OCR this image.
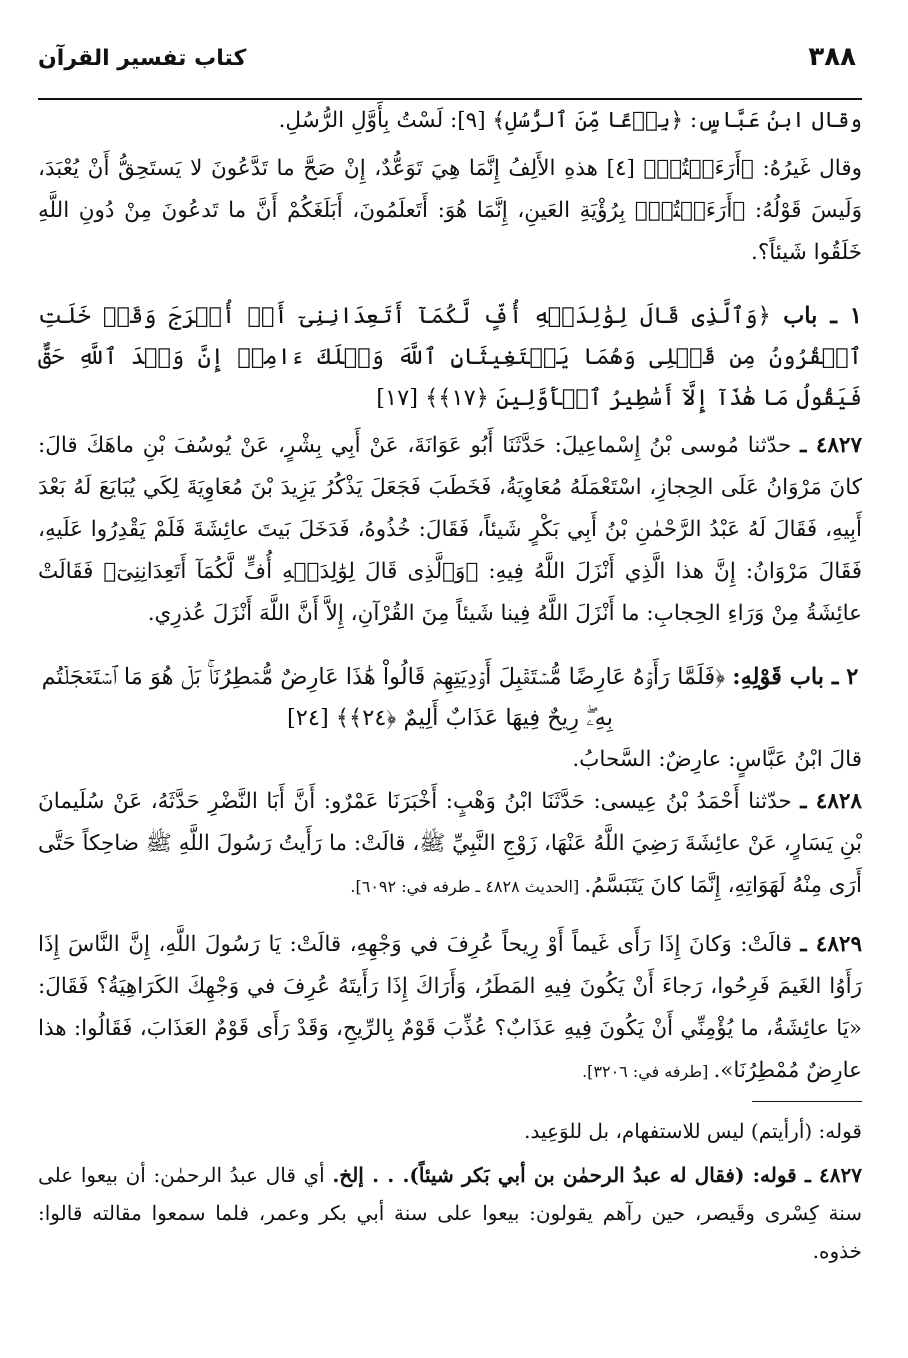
٣٨٨
كتاب تفسير القرآن

وقال ابنُ عَبَّاسٍ: ﴿بِدۡعًا مِّنَ ٱلرُّسُلِ﴾ [٩]: لَسْتُ بِأَوَّلِ الرُّسُلِ.

وقال غَيرُهُ: ﴿أَرَءَيۡتُمۡ﴾ [٤] هذهِ الأَلِفُ إِنَّمَا هِيَ تَوَعُّدٌ، إِنْ صَحَّ ما تَدَّعُونَ لا يَستَحِقُّ أَنْ يُعْبَدَ، وَلَيسَ قَوْلُهُ: ﴿أَرَءَيۡتُمۡ﴾ بِرُؤْيَةِ العَينِ، إِنَّمَا هُوَ: أَتَعلَمُونَ، أَبَلَغَكُمْ أَنَّ ما تَدعُونَ مِنْ دُونِ اللَّهِ خَلَقُوا شَيئاً؟.

١ ـ باب ﴿وَٱلَّذِى قَالَ لِوَٰلِدَيۡهِ أُفٍّ لَّكُمَآ أَتَعِدَانِنِىٓ أَنۡ أُخۡرَجَ وَقَدۡ خَلَتِ ٱلۡقُرُونُ مِن قَبۡلِى وَهُمَا يَسۡتَغِيثَانِ ٱللَّهَ وَيۡلَكَ ءَامِنۡ إِنَّ وَعۡدَ ٱللَّهِ حَقٌّ فَيَقُولُ مَا هَٰذَآ إِلَّآ أَسَٰطِيرُ ٱلۡأَوَّلِينَ ﴿١٧﴾﴾ [١٧]

٤٨٢٧ ـ حدّثنا مُوسى بْنُ إِسْماعِيلَ: حَدَّثَنَا أَبُو عَوَانَةَ، عَنْ أَبِي بِشْرٍ، عَنْ يُوسُفَ بْنِ ماهَكَ قالَ: كانَ مَرْوَانُ عَلَى الحِجازِ، اسْتَعْمَلَهُ مُعَاوِيَةُ، فَخَطَبَ فَجَعَلَ يَذْكُرُ يَزِيدَ بْنَ مُعَاوِيَةَ لِكَي يُبَايَعَ لَهُ بَعْدَ أَبِيهِ، فَقَالَ لَهُ عَبْدُ الرَّحْمٰنِ بْنُ أَبِي بَكْرٍ شَيئاً، فَقَالَ: خُذُوهُ، فَدَخَلَ بَيتَ عائِشَةَ فَلَمْ يَقْدِرُوا عَلَيهِ، فَقَالَ مَرْوَانُ: إِنَّ هذا الَّذِي أَنْزَلَ اللَّهُ فِيهِ: ﴿وَٱلَّذِى قَالَ لِوَٰلِدَيۡهِ أُفٍّ لَّكُمَآ أَتَعِدَانِنِىٓ﴾ فَقَالَتْ عائِشَةُ مِنْ وَرَاءِ الحِجابِ: ما أَنْزَلَ اللَّهُ فِينا شَيئاً مِنَ القُرْآنِ، إِلاَّ أَنَّ اللَّهَ أَنْزَلَ عُذرِي.

٢ ـ باب قَوْلِهِ: ﴿فَلَمَّا رَأَوۡهُ عَارِضًا مُّسۡتَقۡبِلَ أَوۡدِيَتِهِمۡ قَالُواْ هَٰذَا عَارِضٌ مُّمۡطِرُنَاۚ بَلۡ هُوَ مَا ٱسۡتَعۡجَلۡتُم بِهِۦۖ رِيحٌ فِيهَا عَذَابٌ أَلِيمٌ ﴿٢٤﴾﴾ [٢٤]

قالَ ابْنُ عَبَّاسٍ: عارِضٌ: السَّحابُ.

٤٨٢٨ ـ حدّثنا أَحْمَدُ بْنُ عِيسى: حَدَّثَنَا ابْنُ وَهْبٍ: أَخْبَرَنَا عَمْرٌو: أَنَّ أَبَا النَّضْرِ حَدَّثَهُ، عَنْ سُلَيمانَ بْنِ يَسَارٍ، عَنْ عائِشَةَ رَضِيَ اللَّهُ عَنْهَا، زَوْجِ النَّبِيِّ ﷺ، قالَتْ: ما رَأَيتُ رَسُولَ اللَّهِ ﷺ ضاحِكاً حَتَّى أَرَى مِنْهُ لَهَوَاتِهِ، إِنَّمَا كانَ يَتَبَسَّمُ. [الحديث ٤٨٢٨ ـ طرفه في: ٦٠٩٢].

٤٨٢٩ ـ قالَتْ: وَكانَ إِذَا رَأَى غَيماً أَوْ رِيحاً عُرِفَ في وَجْهِهِ، قالَتْ: يَا رَسُولَ اللَّهِ، إِنَّ النَّاسَ إِذَا رَأَوُا الغَيمَ فَرِحُوا، رَجاءَ أَنْ يَكُونَ فِيهِ المَطَرُ، وَأَرَاكَ إِذَا رَأَيتَهُ عُرِفَ في وَجْهِكَ الكَرَاهِيَةُ؟ فَقَالَ: «يَا عائِشَةُ، ما يُؤْمِنِّي أَنْ يَكُونَ فِيهِ عَذَابٌ؟ عُذِّبَ قَوْمٌ بِالرِّيحِ، وَقَدْ رَأَى قَوْمٌ العَذَابَ، فَقَالُوا: هذا عارِضٌ مُمْطِرُنَا». [طرفه في: ٣٢٠٦].

قوله: (أرأيتم) ليس للاستفهام، بل للوَعِيد.

٤٨٢٧ ـ قوله: (فقال له عبدُ الرحمٰن بن أبي بَكر شيئاً). . . إلخ. أي قال عبدُ الرحمٰن: أن بيعوا على سنة كِسْرى وقَيصر، حين رآهم يقولون: بيعوا على سنة أبي بكر وعمر، فلما سمعوا مقالته قالوا: خذوه.
